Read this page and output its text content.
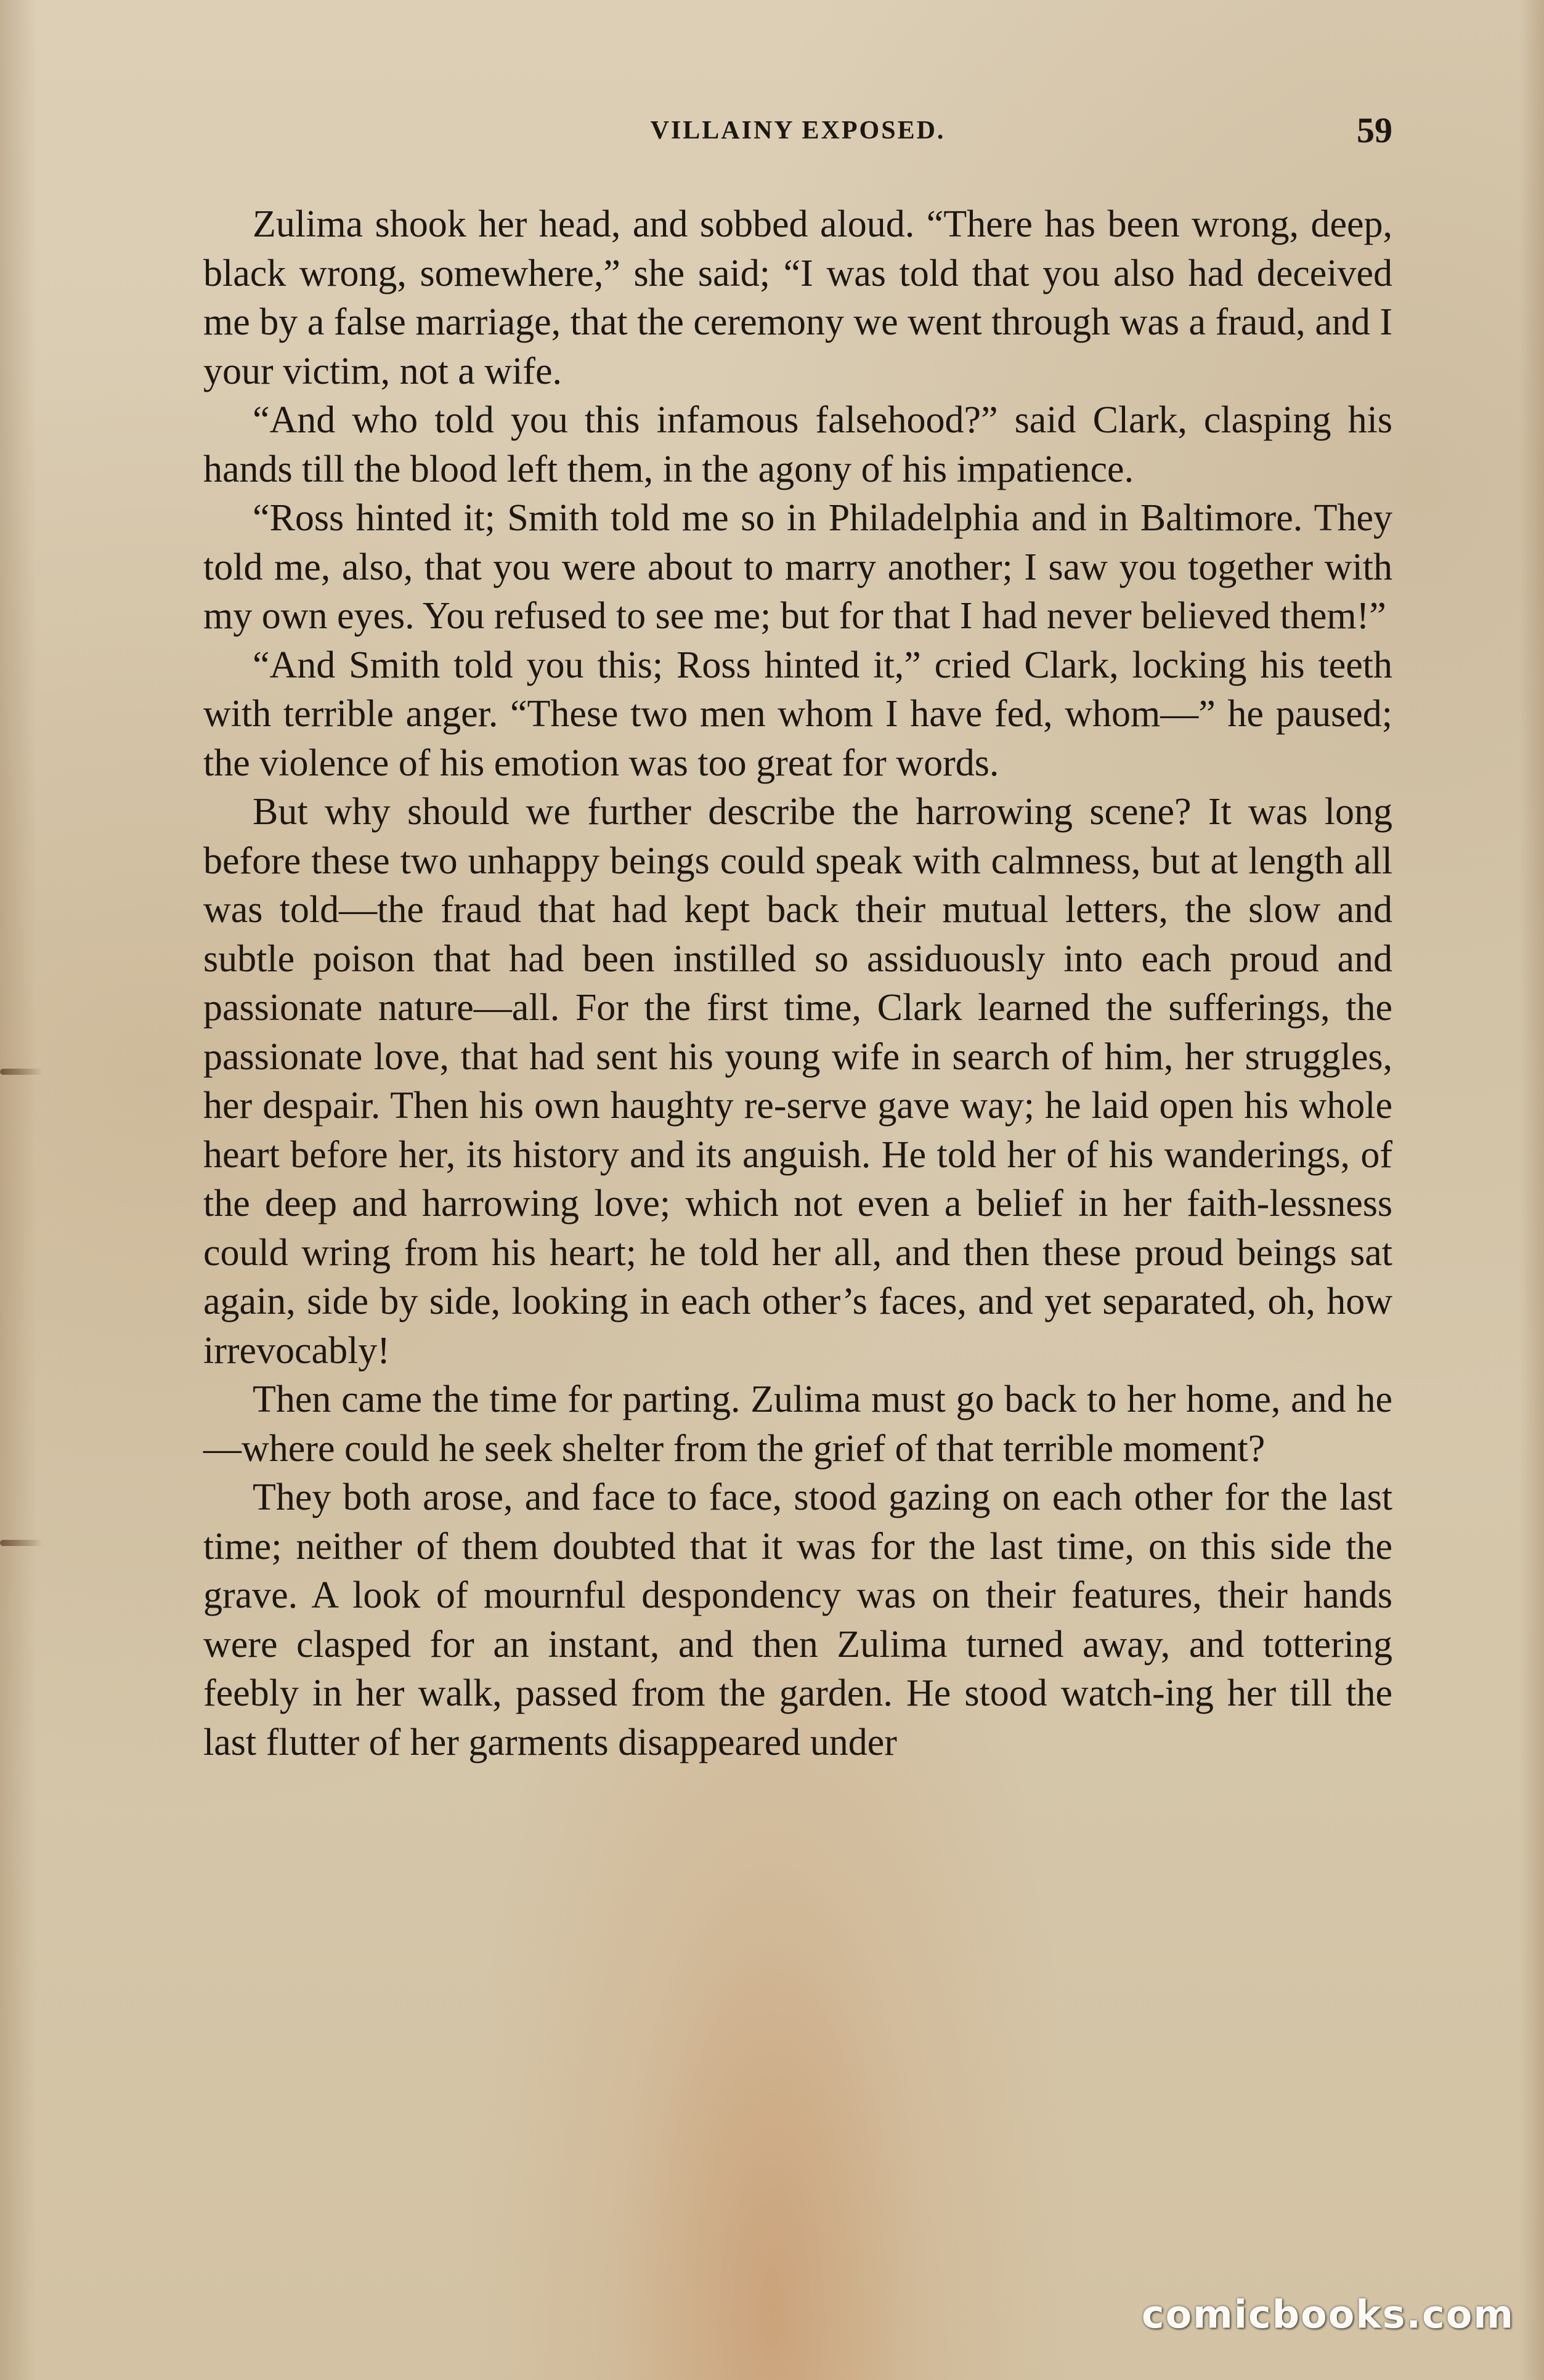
VILLAINY EXPOSED.	59

Zulima shook her head, and sobbed aloud. “There has been wrong, deep, black wrong, somewhere,” she said; “I was told that you also had deceived me by a false marriage, that the ceremony we went through was a fraud, and I your victim, not a wife.

“And who told you this infamous falsehood?” said Clark, clasping his hands till the blood left them, in the agony of his impatience.

“Ross hinted it; Smith told me so in Philadelphia and in Baltimore. They told me, also, that you were about to marry another; I saw you together with my own eyes. You refused to see me; but for that I had never believed them!”

“And Smith told you this; Ross hinted it,” cried Clark, locking his teeth with terrible anger. “These two men whom I have fed, whom—” he paused; the violence of his emotion was too great for words.

But why should we further describe the harrowing scene? It was long before these two unhappy beings could speak with calmness, but at length all was told—the fraud that had kept back their mutual letters, the slow and subtle poison that had been instilled so assiduously into each proud and passionate nature—all. For the first time, Clark learned the sufferings, the passionate love, that had sent his young wife in search of him, her struggles, her despair. Then his own haughty re-serve gave way; he laid open his whole heart before her, its history and its anguish. He told her of his wanderings, of the deep and harrowing love; which not even a belief in her faith-lessness could wring from his heart; he told her all, and then these proud beings sat again, side by side, looking in each other’s faces, and yet separated, oh, how irrevocably!

Then came the time for parting. Zulima must go back to her home, and he—where could he seek shelter from the grief of that terrible moment?

They both arose, and face to face, stood gazing on each other for the last time; neither of them doubted that it was for the last time, on this side the grave. A look of mournful despondency was on their features, their hands were clasped for an instant, and then Zulima turned away, and tottering feebly in her walk, passed from the garden. He stood watch-ing her till the last flutter of her garments disappeared under

comicbooks.com
